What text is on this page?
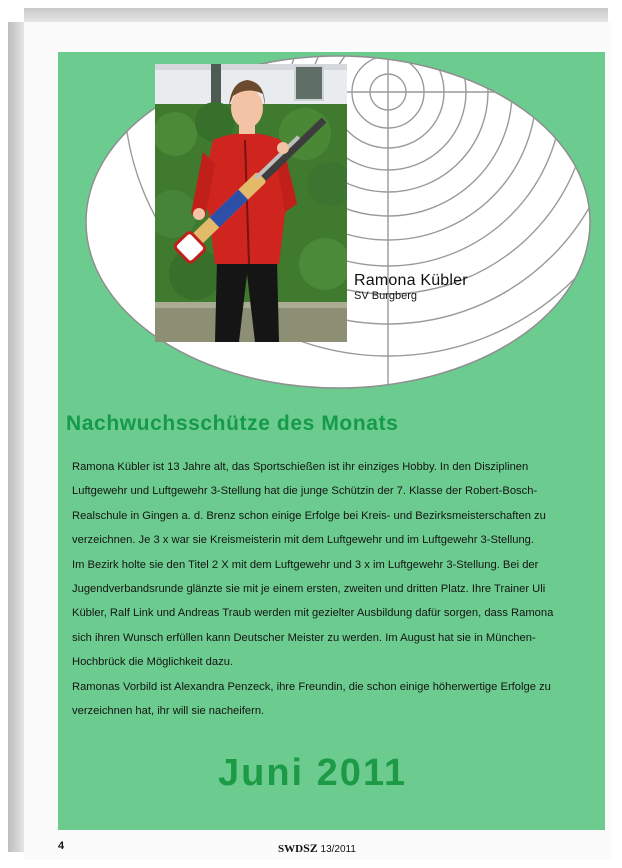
Ramona Kübler
SV Burgberg
Nachwuchsschütze des Monats

Ramona Kübler ist 13 Jahre alt, das Sportschießen ist ihr einziges Hobby. In den Disziplinen

Luftgewehr und Luftgewehr 3-Stellung hat die junge Schützin der 7. Klasse der Robert-Bosch-

Realschule in Gingen a. d. Brenz schon einige Erfolge bei Kreis- und Bezirksmeisterschaften zu

verzeichnen. Je 3 x war sie Kreismeisterin mit dem Luftgewehr und im Luftgewehr 3-Stellung.

Im Bezirk holte sie den Titel 2 X mit dem Luftgewehr und 3 x im Luftgewehr 3-Stellung. Bei der

Jugendverbandsrunde glänzte sie mit je einem ersten, zweiten und dritten Platz. Ihre Trainer Uli

Kübler, Ralf Link und Andreas Traub werden mit gezielter Ausbildung dafür sorgen, dass Ramona

sich ihren Wunsch erfüllen kann Deutscher Meister zu werden. Im August hat sie in München-

Hochbrück die Möglichkeit dazu.

Ramonas Vorbild ist Alexandra Penzeck, ihre Freundin, die schon einige höherwertige Erfolge zu

verzeichnen hat, ihr will sie nacheifern.

Juni 2011
4	SWDSZ 13/2011
